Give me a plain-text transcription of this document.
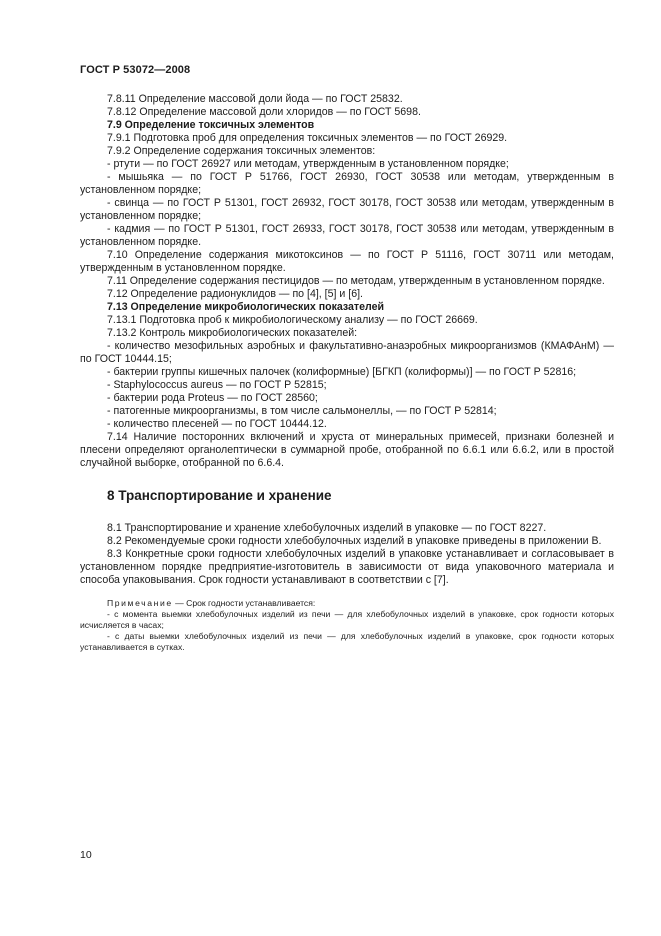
ГОСТ Р 53072—2008

7.8.11 Определение массовой доли йода — по ГОСТ 25832.

7.8.12 Определение массовой доли хлоридов — по ГОСТ 5698.

7.9 Определение токсичных элементов

7.9.1 Подготовка проб для определения токсичных элементов — по ГОСТ 26929.

7.9.2 Определение содержания токсичных элементов:

- ртути — по ГОСТ 26927 или методам, утвержденным в установленном порядке;

- мышьяка — по ГОСТ Р 51766, ГОСТ 26930, ГОСТ 30538 или методам, утвержденным в установленном порядке;

- свинца — по ГОСТ Р 51301, ГОСТ 26932, ГОСТ 30178, ГОСТ 30538 или методам, утвержденным в установленном порядке;

- кадмия — по ГОСТ Р 51301, ГОСТ 26933, ГОСТ 30178, ГОСТ 30538 или методам, утвержденным в установленном порядке.

7.10 Определение содержания микотоксинов — по ГОСТ Р 51116, ГОСТ 30711 или методам, утвержденным в установленном порядке.

7.11 Определение содержания пестицидов — по методам, утвержденным в установленном порядке.

7.12 Определение радионуклидов — по [4], [5] и [6].

7.13 Определение микробиологических показателей

7.13.1 Подготовка проб к микробиологическому анализу — по ГОСТ 26669.

7.13.2 Контроль микробиологических показателей:

- количество мезофильных аэробных и факультативно-анаэробных микроорганизмов (КМАФАнМ) — по ГОСТ 10444.15;

- бактерии группы кишечных палочек (колиформные) [БГКП (колиформы)] — по ГОСТ Р 52816;

- Staphylococcus aureus — по ГОСТ Р 52815;

- бактерии рода Proteus — по ГОСТ 28560;

- патогенные микроорганизмы, в том числе сальмонеллы, — по ГОСТ Р 52814;

- количество плесеней — по ГОСТ 10444.12.

7.14 Наличие посторонних включений и хруста от минеральных примесей, признаки болезней и плесени определяют органолептически в суммарной пробе, отобранной по 6.6.1 или 6.6.2, или в простой случайной выборке, отобранной по 6.6.4.

8 Транспортирование и хранение

8.1 Транспортирование и хранение хлебобулочных изделий в упаковке — по ГОСТ 8227.

8.2 Рекомендуемые сроки годности хлебобулочных изделий в упаковке приведены в приложении В.

8.3 Конкретные сроки годности хлебобулочных изделий в упаковке устанавливает и согласовывает в установленном порядке предприятие-изготовитель в зависимости от вида упаковочного материала и способа упаковывания. Срок годности устанавливают в соответствии с [7].

Примечание — Срок годности устанавливается:

- с момента выемки хлебобулочных изделий из печи — для хлебобулочных изделий в упаковке, срок годности которых исчисляется в часах;

- с даты выемки хлебобулочных изделий из печи — для хлебобулочных изделий в упаковке, срок годности которых устанавливается в сутках.

10
